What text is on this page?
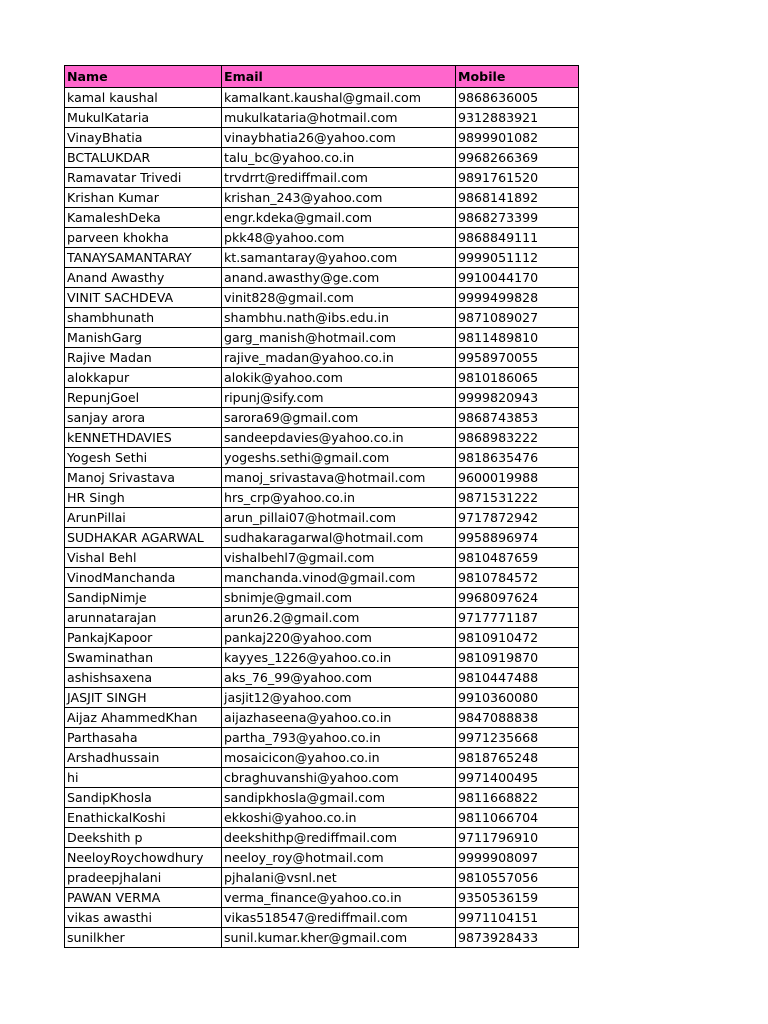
Name	Email	Mobile
kamal kaushal	kamalkant.kaushal@gmail.com	9868636005
MukulKataria	mukulkataria@hotmail.com	9312883921
VinayBhatia	vinaybhatia26@yahoo.com	9899901082
BCTALUKDAR	talu_bc@yahoo.co.in	9968266369
Ramavatar Trivedi	trvdrrt@rediffmail.com	9891761520
Krishan Kumar	krishan_243@yahoo.com	9868141892
KamaleshDeka	engr.kdeka@gmail.com	9868273399
parveen khokha	pkk48@yahoo.com	9868849111
TANAYSAMANTARAY	kt.samantaray@yahoo.com	9999051112
Anand Awasthy	anand.awasthy@ge.com	9910044170
VINIT SACHDEVA	vinit828@gmail.com	9999499828
shambhunath	shambhu.nath@ibs.edu.in	9871089027
ManishGarg	garg_manish@hotmail.com	9811489810
Rajive Madan	rajive_madan@yahoo.co.in	9958970055
alokkapur	alokik@yahoo.com	9810186065
RepunjGoel	ripunj@sify.com	9999820943
sanjay arora	sarora69@gmail.com	9868743853
kENNETHDAVIES	sandeepdavies@yahoo.co.in	9868983222
Yogesh Sethi	yogeshs.sethi@gmail.com	9818635476
Manoj Srivastava	manoj_srivastava@hotmail.com	9600019988
HR Singh	hrs_crp@yahoo.co.in	9871531222
ArunPillai	arun_pillai07@hotmail.com	9717872942
SUDHAKAR AGARWAL	sudhakaragarwal@hotmail.com	9958896974
Vishal Behl	vishalbehl7@gmail.com	9810487659
VinodManchanda	manchanda.vinod@gmail.com	9810784572
SandipNimje	sbnimje@gmail.com	9968097624
arunnatarajan	arun26.2@gmail.com	9717771187
PankajKapoor	pankaj220@yahoo.com	9810910472
Swaminathan	kayyes_1226@yahoo.co.in	9810919870
ashishsaxena	aks_76_99@yahoo.com	9810447488
JASJIT SINGH	jasjit12@yahoo.com	9910360080
Aijaz AhammedKhan	aijazhaseena@yahoo.co.in	9847088838
Parthasaha	partha_793@yahoo.co.in	9971235668
Arshadhussain	mosaicicon@yahoo.co.in	9818765248
hi	cbraghuvanshi@yahoo.com	9971400495
SandipKhosla	sandipkhosla@gmail.com	9811668822
EnathickalKoshi	ekkoshi@yahoo.co.in	9811066704
Deekshith p	deekshithp@rediffmail.com	9711796910
NeeloyRoychowdhury	neeloy_roy@hotmail.com	9999908097
pradeepjhalani	pjhalani@vsnl.net	9810557056
PAWAN VERMA	verma_finance@yahoo.co.in	9350536159
vikas awasthi	vikas518547@rediffmail.com	9971104151
sunilkher	sunil.kumar.kher@gmail.com	9873928433
